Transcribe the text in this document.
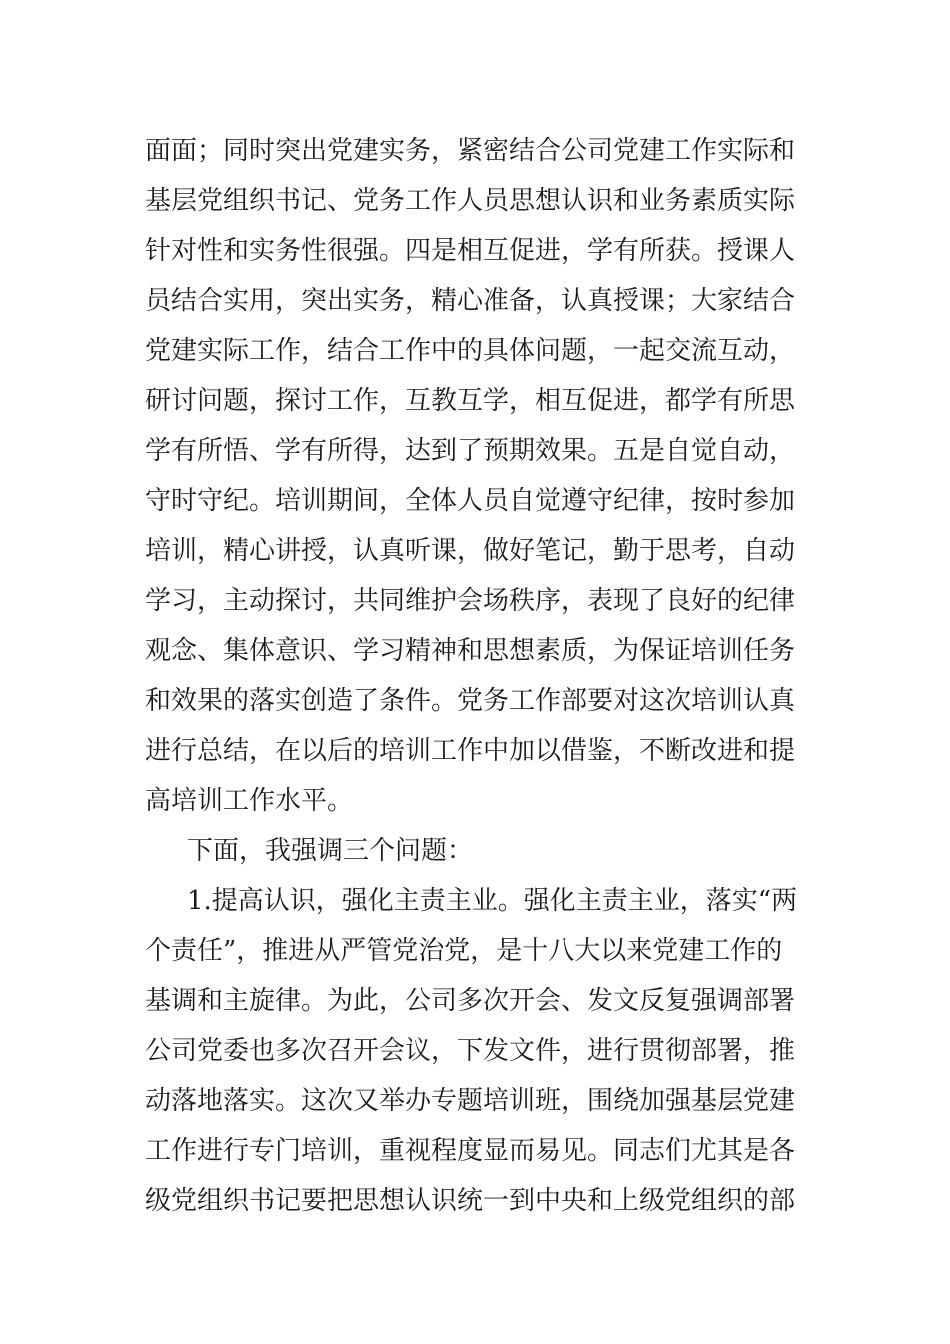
面面；同时突出党建实务，紧密结合公司党建工作实际和
基层党组织书记、党务工作人员思想认识和业务素质实际
针对性和实务性很强。四是相互促进，学有所获。授课人
员结合实用，突出实务，精心准备，认真授课；大家结合
党建实际工作，结合工作中的具体问题，一起交流互动，
研讨问题，探讨工作，互教互学，相互促进，都学有所思
学有所悟、学有所得，达到了预期效果。五是自觉自动，
守时守纪。培训期间，全体人员自觉遵守纪律，按时参加
培训，精心讲授，认真听课，做好笔记，勤于思考，自动
学习，主动探讨，共同维护会场秩序，表现了良好的纪律
观念、集体意识、学习精神和思想素质，为保证培训任务
和效果的落实创造了条件。党务工作部要对这次培训认真
进行总结，在以后的培训工作中加以借鉴，不断改进和提
高培训工作水平。
下面，我强调三个问题：
1.提高认识，强化主责主业。强化主责主业，落实“两
个责任”，推进从严管党治党，是十八大以来党建工作的
基调和主旋律。为此，公司多次开会、发文反复强调部署
公司党委也多次召开会议，下发文件，进行贯彻部署，推
动落地落实。这次又举办专题培训班，围绕加强基层党建
工作进行专门培训，重视程度显而易见。同志们尤其是各
级党组织书记要把思想认识统一到中央和上级党组织的部
